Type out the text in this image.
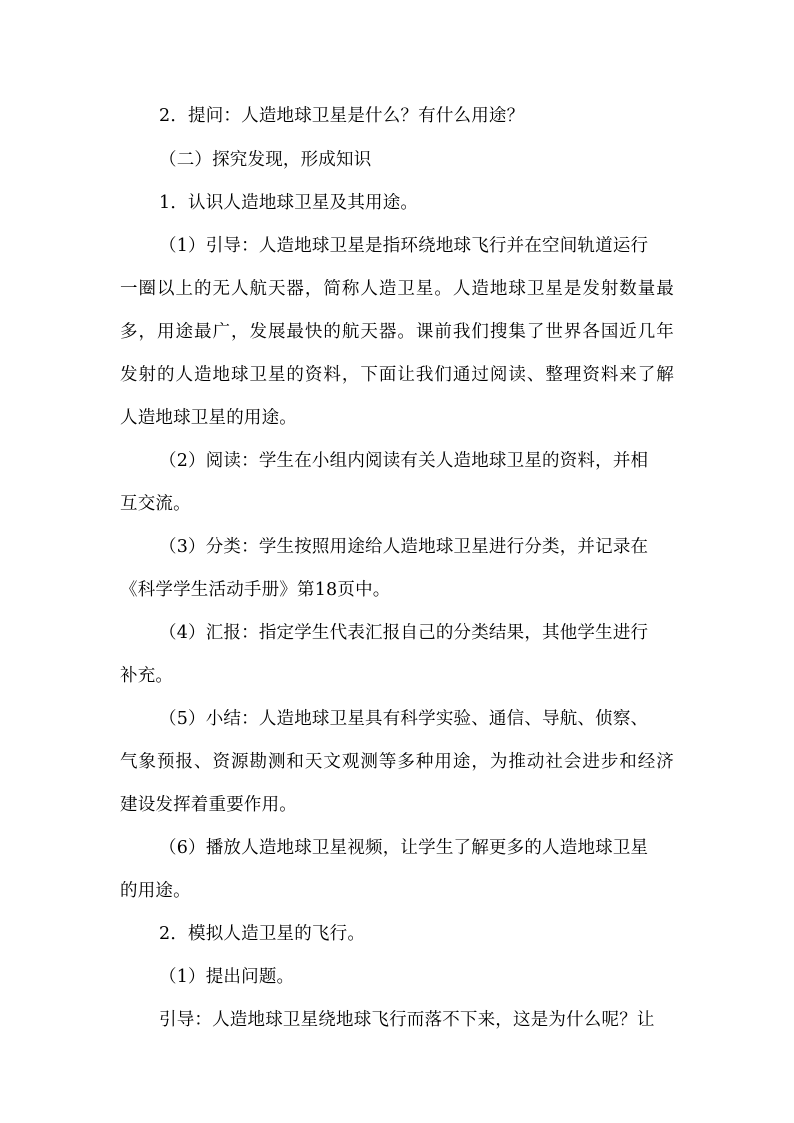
2．提问：人造地球卫星是什么？有什么用途？
（二）探究发现，形成知识
1．认识人造地球卫星及其用途。
（1）引导：人造地球卫星是指环绕地球飞行并在空间轨道运行
一圈以上的无人航天器，简称人造卫星。人造地球卫星是发射数量最
多，用途最广，发展最快的航天器。课前我们搜集了世界各国近几年
发射的人造地球卫星的资料，下面让我们通过阅读、整理资料来了解
人造地球卫星的用途。
（2）阅读：学生在小组内阅读有关人造地球卫星的资料，并相
互交流。
（3）分类：学生按照用途给人造地球卫星进行分类，并记录在
《科学学生活动手册》第18页中。
（4）汇报：指定学生代表汇报自己的分类结果，其他学生进行
补充。
（5）小结：人造地球卫星具有科学实验、通信、导航、侦察、
气象预报、资源勘测和天文观测等多种用途，为推动社会进步和经济
建设发挥着重要作用。
（6）播放人造地球卫星视频，让学生了解更多的人造地球卫星
的用途。
2．模拟人造卫星的飞行。
（1）提出问题。
引导：人造地球卫星绕地球飞行而落不下来，这是为什么呢？让
